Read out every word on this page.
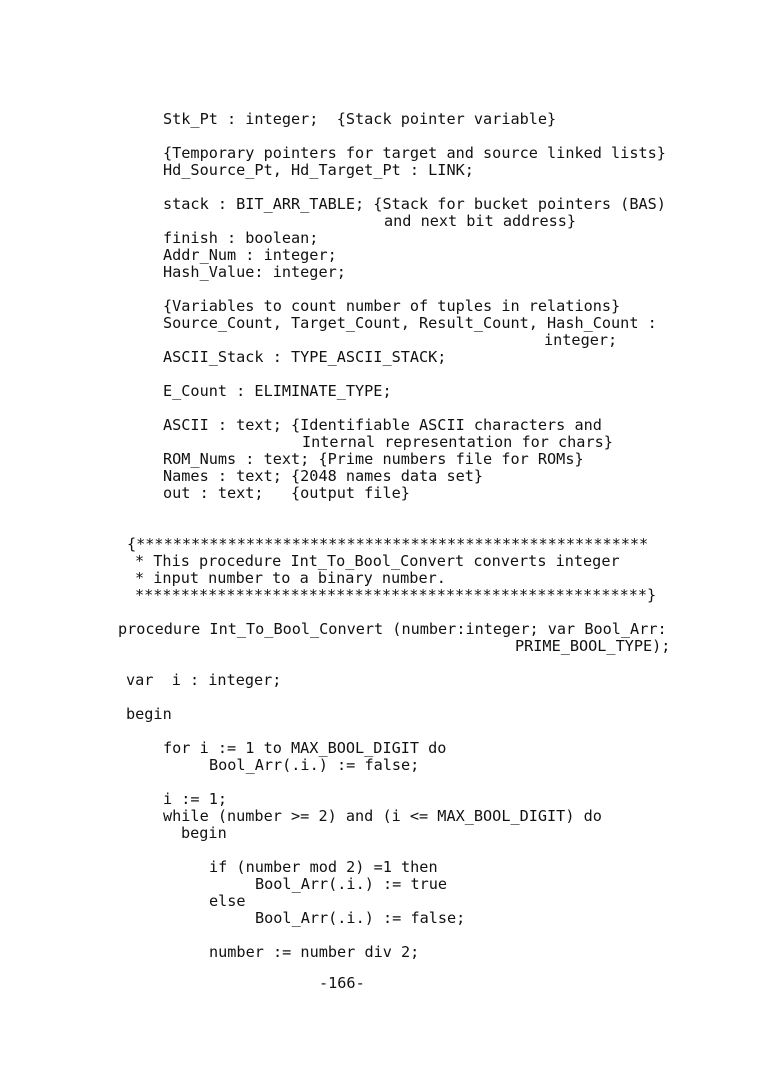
Stk_Pt : integer;  {Stack pointer variable}
{Temporary pointers for target and source linked lists}
Hd_Source_Pt, Hd_Target_Pt : LINK;
stack : BIT_ARR_TABLE; {Stack for bucket pointers (BAS)
and next bit address}
finish : boolean;
Addr_Num : integer;
Hash_Value: integer;
{Variables to count number of tuples in relations}
Source_Count, Target_Count, Result_Count, Hash_Count :
integer;
ASCII_Stack : TYPE_ASCII_STACK;
E_Count : ELIMINATE_TYPE;
ASCII : text; {Identifiable ASCII characters and
Internal representation for chars}
ROM_Nums : text; {Prime numbers file for ROMs}
Names : text; {2048 names data set}
out : text;   {output file}
{********************************************************
* This procedure Int_To_Bool_Convert converts integer
* input number to a binary number.
********************************************************}
procedure Int_To_Bool_Convert (number:integer; var Bool_Arr:
PRIME_BOOL_TYPE);
var  i : integer;
begin
for i := 1 to MAX_BOOL_DIGIT do
Bool_Arr(.i.) := false;
i := 1;
while (number >= 2) and (i <= MAX_BOOL_DIGIT) do
begin
if (number mod 2) =1 then
Bool_Arr(.i.) := true
else
Bool_Arr(.i.) := false;
number := number div 2;
-166-
